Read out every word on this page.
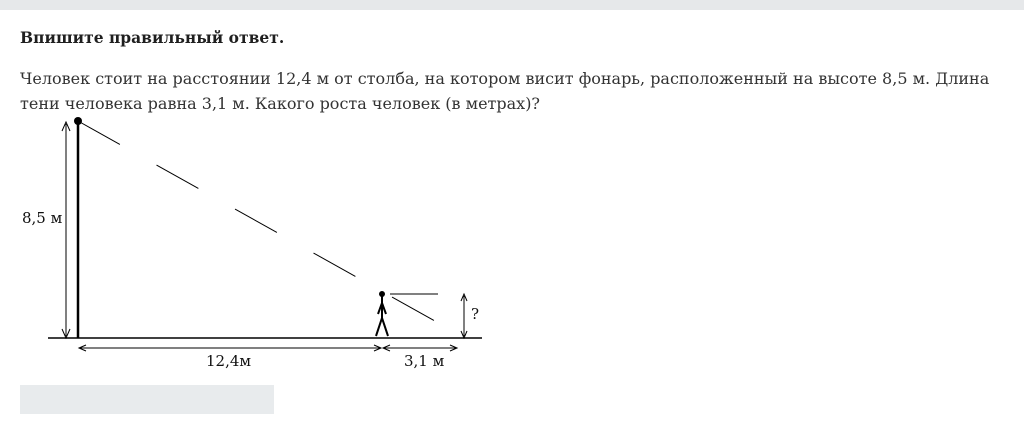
Впишите правильный ответ.
Человек стоит на расстоянии 12,4 м от столба, на котором висит фонарь, расположенный на высоте 8,5 м. Длина тени человека равна 3,1 м. Какого роста человек (в метрах)?
8,5 м
?
12,4м	3,1 м
